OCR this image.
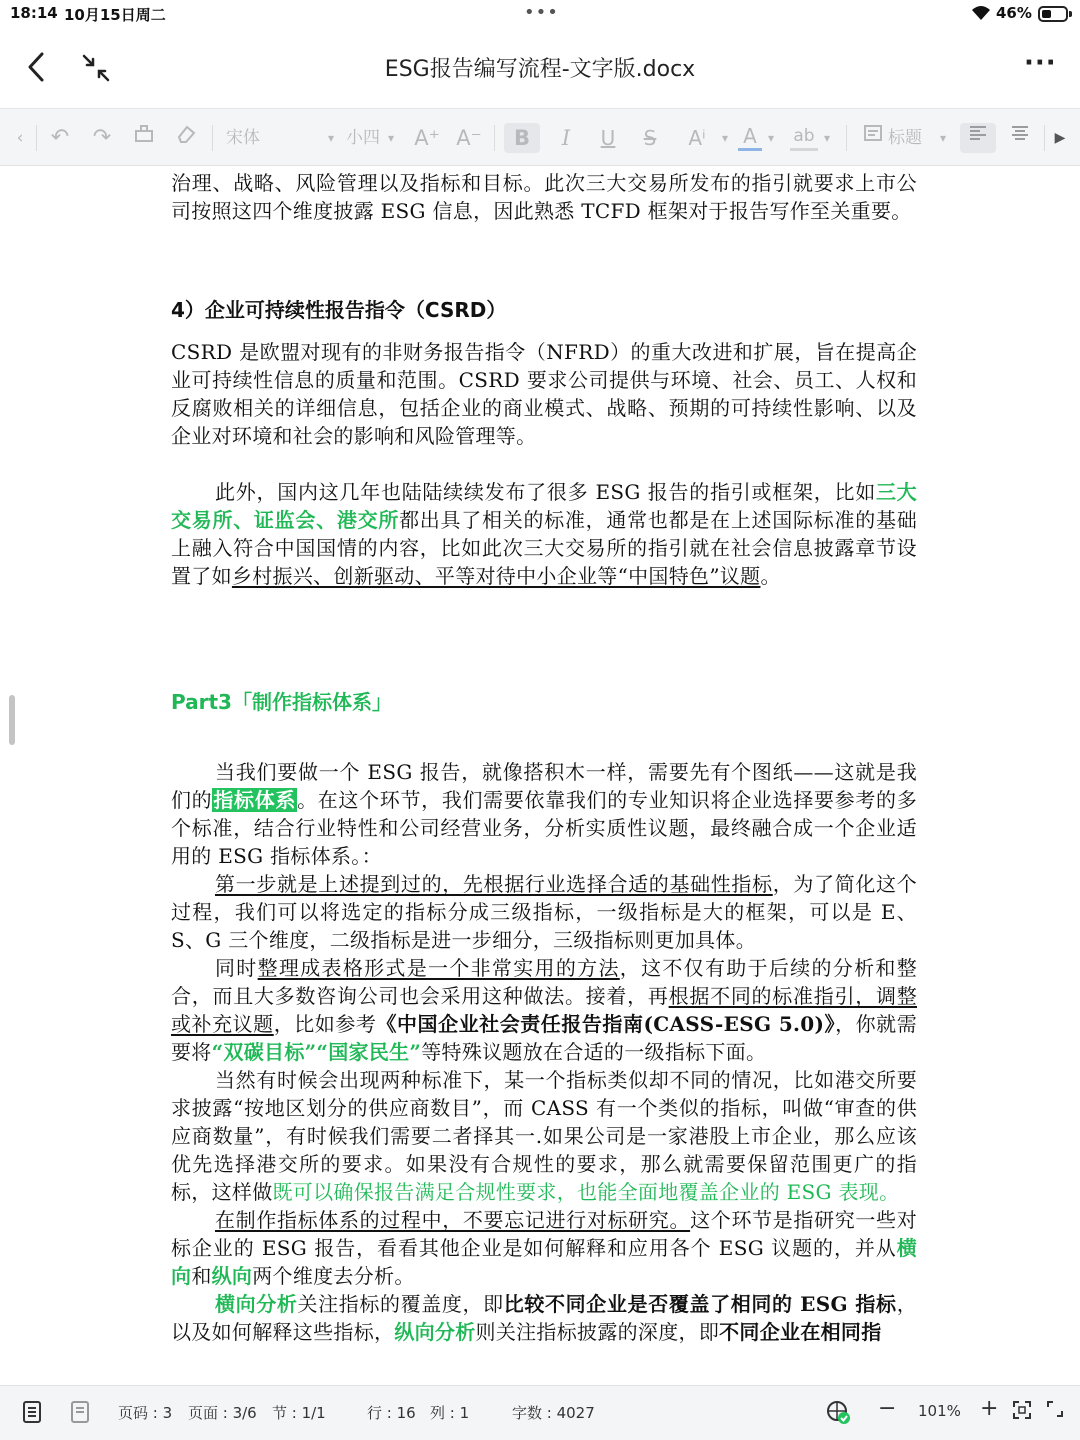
18:14 10月15日周二	•••	46%
ESG报告编写流程-文字版.docx	···
‹ ↶ ↷	宋体	▾ 小四 ▾ A⁺ A⁻	B	I	U	S	Aⁱ	▾ A ▾ ab ▾	标题	▾	▶

治理、战略、风险管理以及指标和目标。此次三大交易所发布的指引就要求上市公司按照这四个维度披露 ESG 信息，因此熟悉 TCFD 框架对于报告写作至关重要。

4）企业可持续性报告指令（CSRD）

CSRD 是欧盟对现有的非财务报告指令（NFRD）的重大改进和扩展，旨在提高企业可持续性信息的质量和范围。CSRD 要求公司提供与环境、社会、员工、人权和反腐败相关的详细信息，包括企业的商业模式、战略、预期的可持续性影响、以及企业对环境和社会的影响和风险管理等。

此外，国内这几年也陆陆续续发布了很多 ESG 报告的指引或框架，比如三大交易所、证监会、港交所都出具了相关的标准，通常也都是在上述国际标准的基础上融入符合中国国情的内容，比如此次三大交易所的指引就在社会信息披露章节设置了如乡村振兴、创新驱动、平等对待中小企业等“中国特色”议题。

Part3「制作指标体系」

当我们要做一个 ESG 报告，就像搭积木一样，需要先有个图纸——这就是我们的指标体系。在这个环节，我们需要依靠我们的专业知识将企业选择要参考的多个标准，结合行业特性和公司经营业务，分析实质性议题，最终融合成一个企业适用的 ESG 指标体系。：

第一步就是上述提到过的，先根据行业选择合适的基础性指标，为了简化这个过程，我们可以将选定的指标分成三级指标，一级指标是大的框架，可以是 E、S、G 三个维度，二级指标是进一步细分，三级指标则更加具体。

同时整理成表格形式是一个非常实用的方法，这不仅有助于后续的分析和整合，而且大多数咨询公司也会采用这种做法。接着，再根据不同的标准指引，调整或补充议题，比如参考《中国企业社会责任报告指南(CASS-ESG 5.0)》，你就需要将“双碳目标”“国家民生”等特殊议题放在合适的一级指标下面。

当然有时候会出现两种标准下，某一个指标类似却不同的情况，比如港交所要求披露“按地区划分的供应商数目”，而 CASS 有一个类似的指标，叫做“审查的供应商数量”，有时候我们需要二者择其一.如果公司是一家港股上市企业，那么应该优先选择港交所的要求。如果没有合规性的要求，那么就需要保留范围更广的指标，这样做既可以确保报告满足合规性要求，也能全面地覆盖企业的 ESG 表现。

在制作指标体系的过程中，不要忘记进行对标研究。这个环节是指研究一些对标企业的 ESG 报告，看看其他企业是如何解释和应用各个 ESG 议题的，并从横向和纵向两个维度去分析。

横向分析关注指标的覆盖度，即比较不同企业是否覆盖了相同的 ESG 指标，以及如何解释这些指标，纵向分析则关注指标披露的深度，即不同企业在相同指

页码 : 3 页面 : 3/6 节 : 1/1	行 : 16 列 : 1	字数 : 4027	− 101% +
